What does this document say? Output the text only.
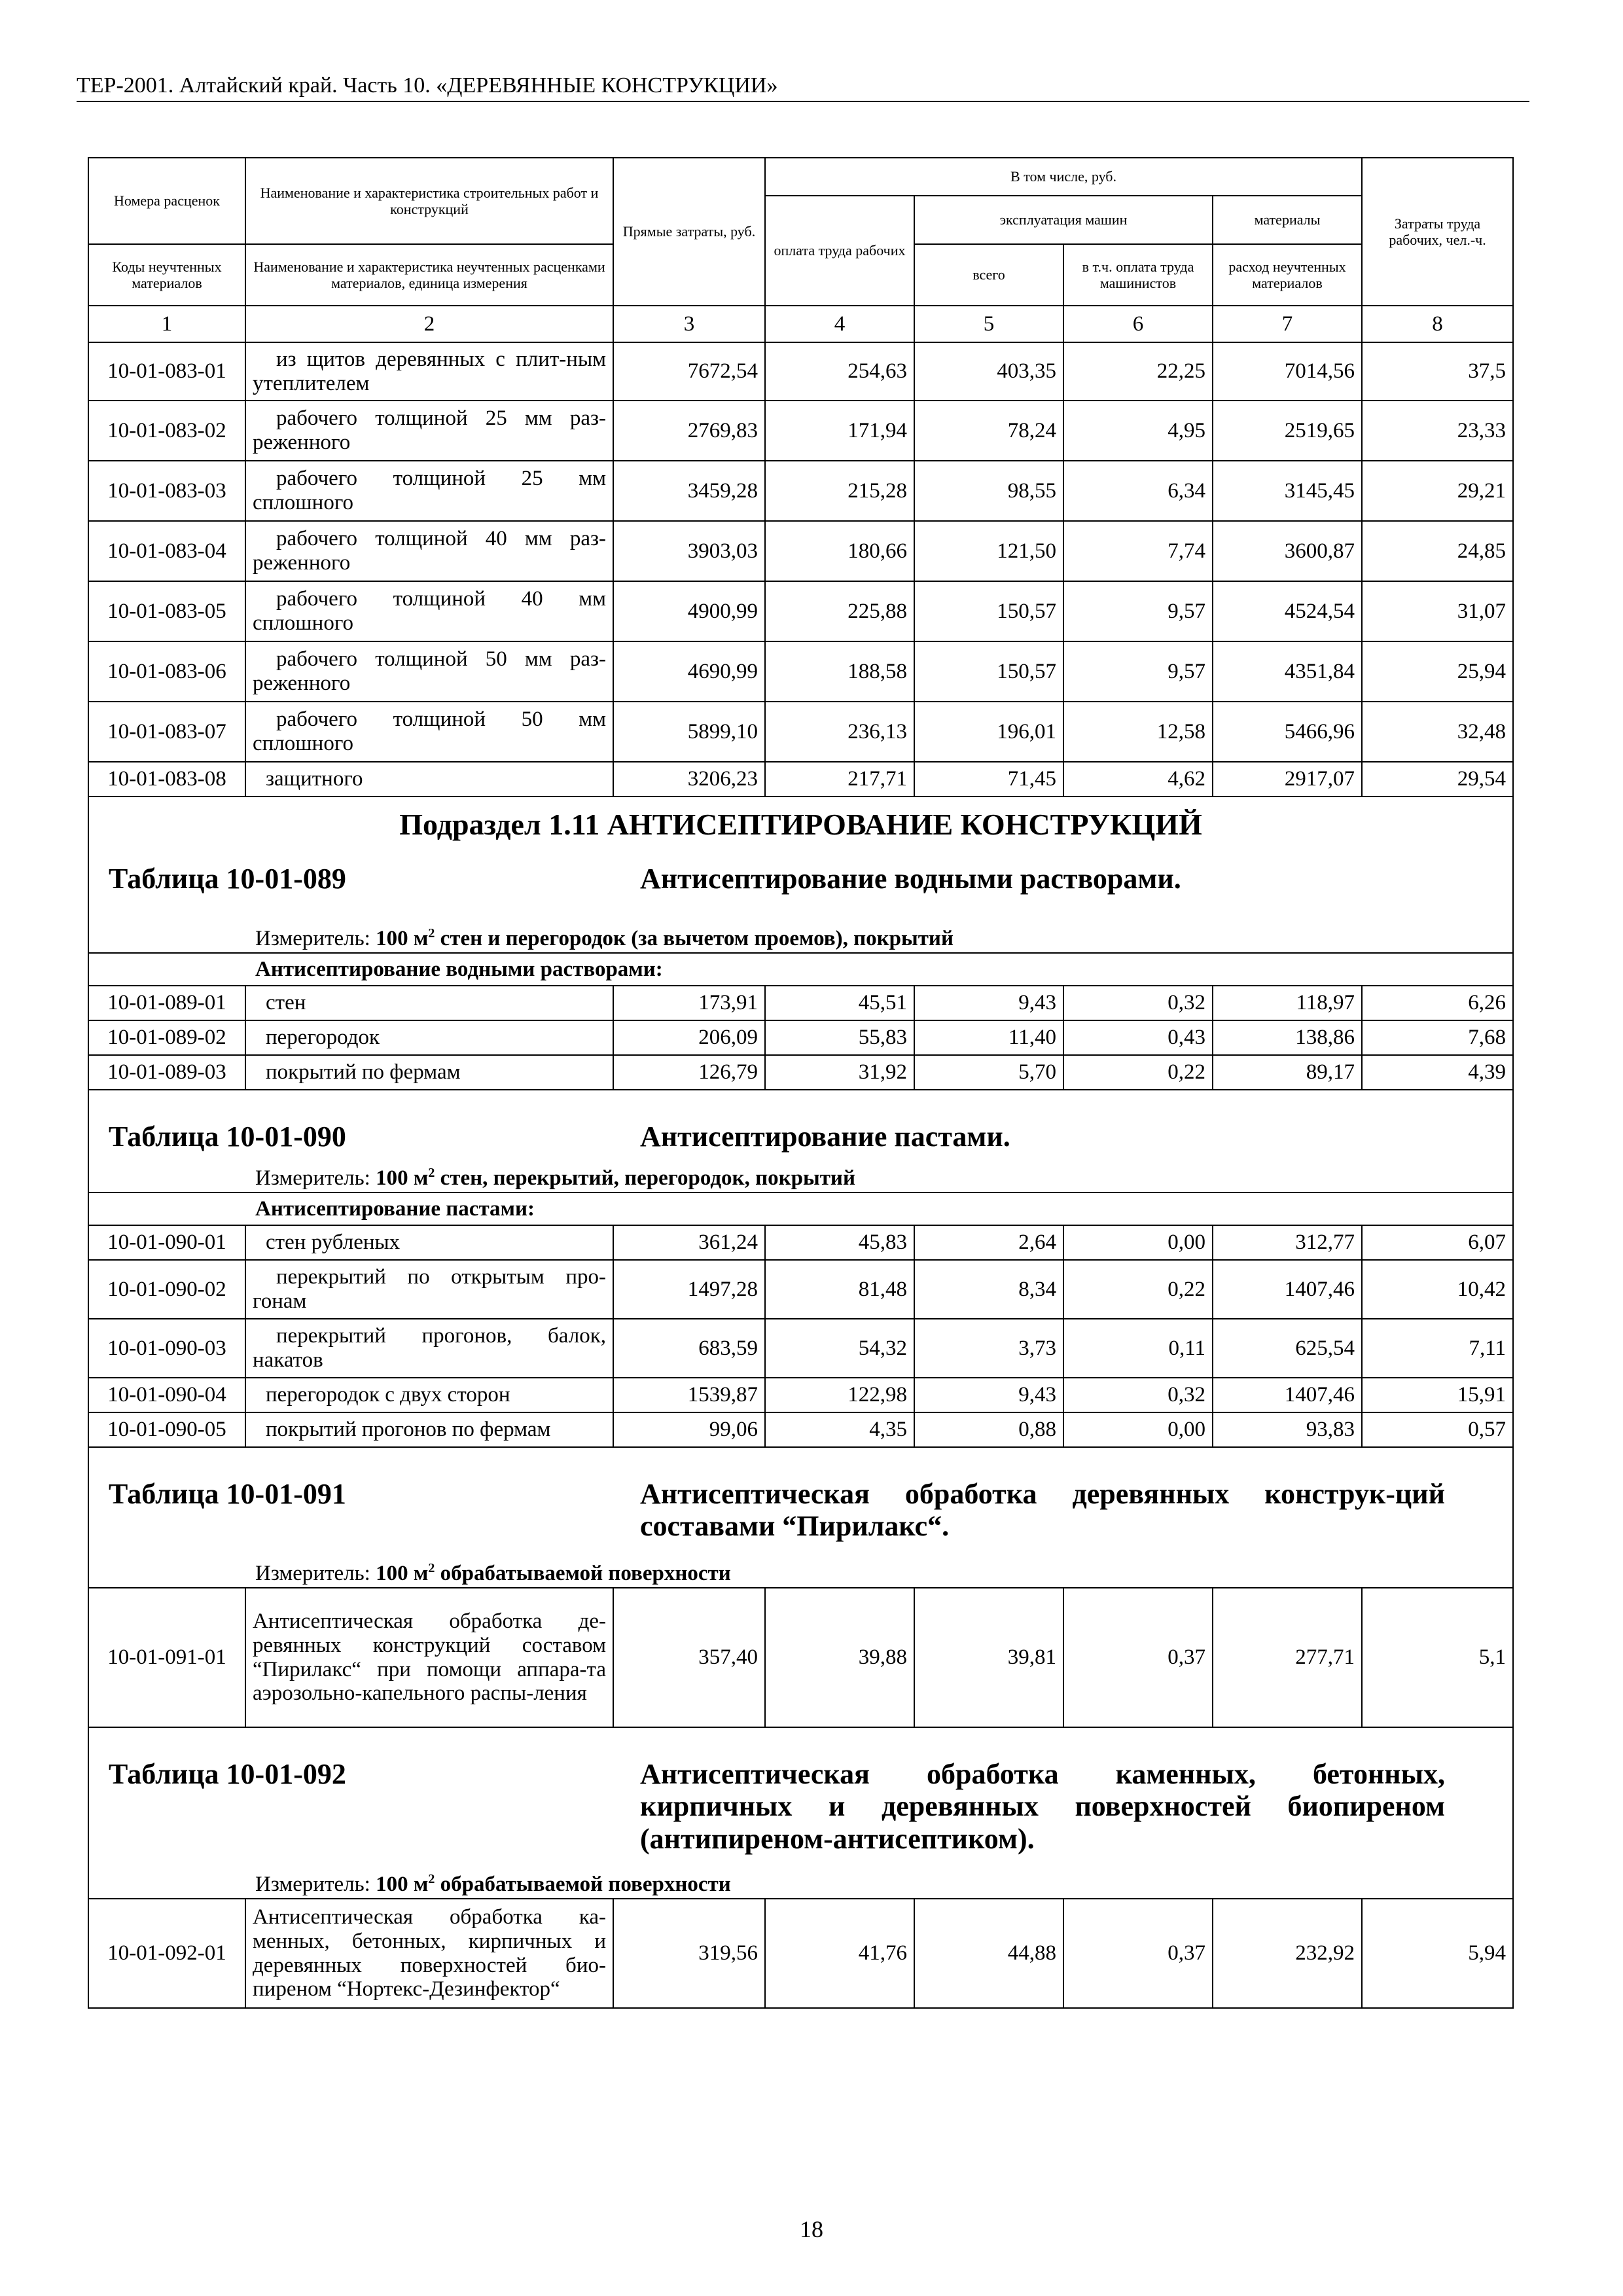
ТЕР-2001. Алтайский край. Часть 10. «ДЕРЕВЯННЫЕ КОНСТРУКЦИИ»
Номера расценок	Наименование и характеристика строительных работ и конструкций	Прямые затраты, руб.	В том числе, руб.				Затраты труда рабочих, чел.-ч.
			оплата труда рабочих	эксплуатация машин		материалы	
Коды неучтенных материалов	Наименование и характеристика неучтенных расценками материалов, единица измерения			всего	в т.ч. оплата труда машинистов	расход неучтенных материалов	
1	2	3	4	5	6	7	8
10-01-083-01	из щитов деревянных с плит-ным утеплителем	7672,54	254,63	403,35	22,25	7014,56	37,5
10-01-083-02	рабочего толщиной 25 мм раз-реженного	2769,83	171,94	78,24	4,95	2519,65	23,33
10-01-083-03	рабочего толщиной 25 мм сплошного	3459,28	215,28	98,55	6,34	3145,45	29,21
10-01-083-04	рабочего толщиной 40 мм раз-реженного	3903,03	180,66	121,50	7,74	3600,87	24,85
10-01-083-05	рабочего толщиной 40 мм сплошного	4900,99	225,88	150,57	9,57	4524,54	31,07
10-01-083-06	рабочего толщиной 50 мм раз-реженного	4690,99	188,58	150,57	9,57	4351,84	25,94
10-01-083-07	рабочего толщиной 50 мм сплошного	5899,10	236,13	196,01	12,58	5466,96	32,48
10-01-083-08	защитного	3206,23	217,71	71,45	4,62	2917,07	29,54

Подраздел 1.11 АНТИСЕПТИРОВАНИЕ КОНСТРУКЦИЙ
Таблица 10-01-089 Антисептирование водными растворами.
Измеритель: 100 $м^2$ стен и перегородок (за вычетом проемов), покрытий							

Антисептирование водными растворами:							
10-01-089-01	стен	173,91	45,51	9,43	0,32	118,97	6,26
10-01-089-02	перегородок	206,09	55,83	11,40	0,43	138,86	7,68
10-01-089-03	покрытий по фермам	126,79	31,92	5,70	0,22	89,17	4,39

Таблица 10-01-090 Антисептирование пастами.
Измеритель: 100 $м^2$ стен, перекрытий, перегородок, покрытий							

Антисептирование пастами:							
10-01-090-01	стен рубленых	361,24	45,83	2,64	0,00	312,77	6,07
10-01-090-02	перекрытий по открытым про-гонам	1497,28	81,48	8,34	0,22	1407,46	10,42
10-01-090-03	перекрытий прогонов, балок, накатов	683,59	54,32	3,73	0,11	625,54	7,11
10-01-090-04	перегородок с двух сторон	1539,87	122,98	9,43	0,32	1407,46	15,91
10-01-090-05	покрытий прогонов по фермам	99,06	4,35	0,88	0,00	93,83	0,57

Таблица 10-01-091 Антисептическая обработка деревянных конструк-ций составами “Пирилакс“.
Измеритель: 100 $м^2$ обрабатываемой поверхности							

10-01-091-01	Антисептическая обработка де-ревянных конструкций составом “Пирилакс“ при помощи аппара-та аэрозольно-капельного распы-ления	357,40	39,88	39,81	0,37	277,71	5,1

Таблица 10-01-092 Антисептическая обработка каменных, бетонных, кирпичных и деревянных поверхностей биопиреном (антипиреном-антисептиком).
Измеритель: 100 $м^2$ обрабатываемой поверхности							

10-01-092-01	Антисептическая обработка ка-менных, бетонных, кирпичных и деревянных поверхностей био-пиреном “Нортекс-Дезинфектор“	319,56	41,76	44,88	0,37	232,92	5,94
18
